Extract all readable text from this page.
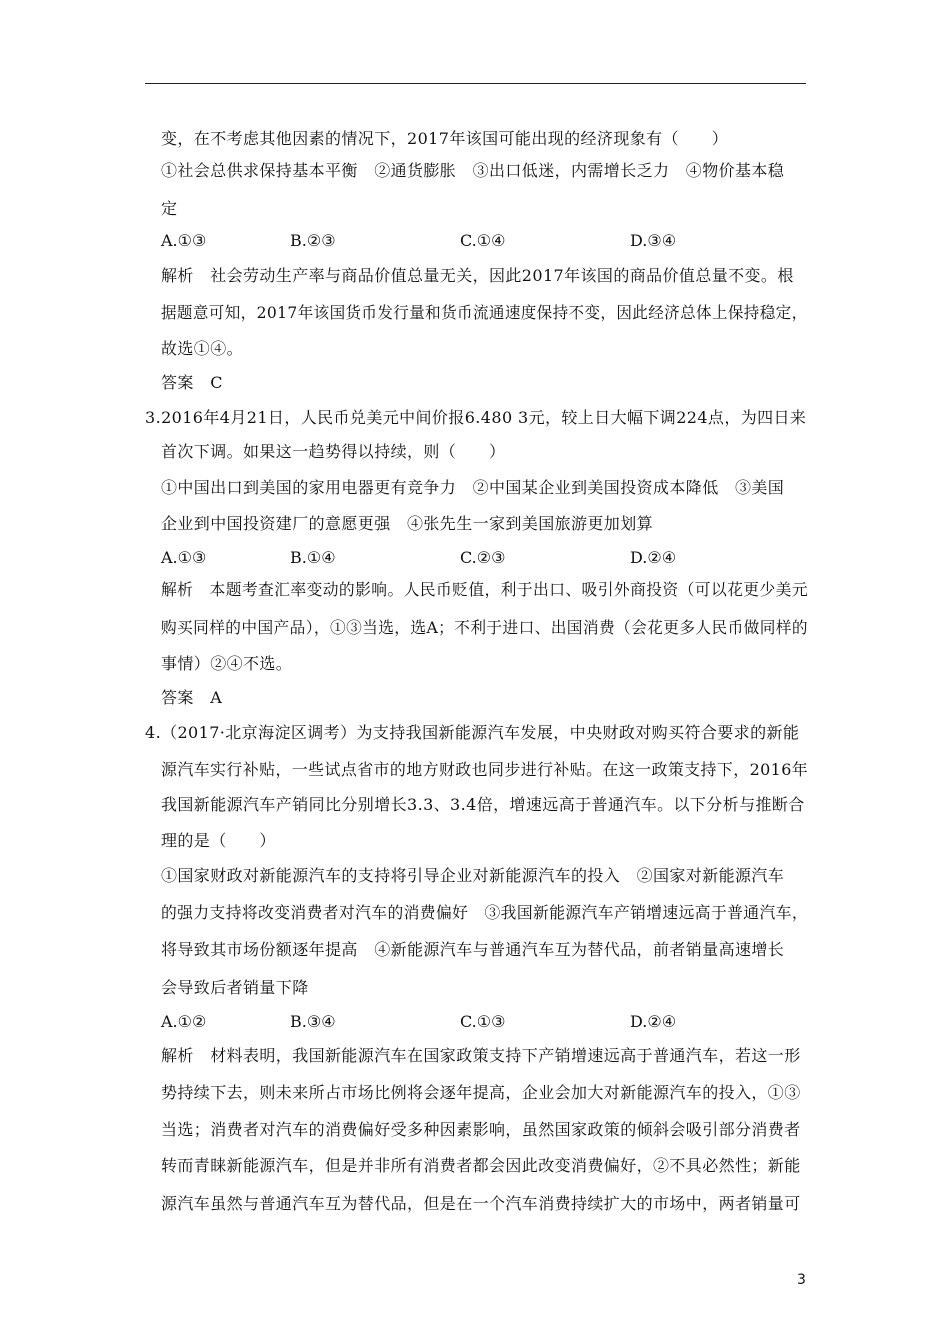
变，在不考虑其他因素的情况下，2017年该国可能出现的经济现象有（　　）
①社会总供求保持基本平衡　②通货膨胀　③出口低迷，内需增长乏力　④物价基本稳
定
A.①③	B.②③	C.①④	D.③④
解析　社会劳动生产率与商品价值总量无关，因此2017年该国的商品价值总量不变。根
据题意可知，2017年该国货币发行量和货币流通速度保持不变，因此经济总体上保持稳定，
故选①④。
答案　C
3.2016年4月21日，人民币兑美元中间价报6.480 3元，较上日大幅下调224点，为四日来
首次下调。如果这一趋势得以持续，则（　　）
①中国出口到美国的家用电器更有竞争力　②中国某企业到美国投资成本降低　③美国
企业到中国投资建厂的意愿更强　④张先生一家到美国旅游更加划算
A.①③	B.①④	C.②③	D.②④
解析　本题考查汇率变动的影响。人民币贬值，利于出口、吸引外商投资（可以花更少美元
购买同样的中国产品），①③当选，选A；不利于进口、出国消费（会花更多人民币做同样的
事情）②④不选。
答案　A
4.（2017·北京海淀区调考）为支持我国新能源汽车发展，中央财政对购买符合要求的新能
源汽车实行补贴，一些试点省市的地方财政也同步进行补贴。在这一政策支持下，2016年
我国新能源汽车产销同比分别增长3.3、3.4倍，增速远高于普通汽车。以下分析与推断合
理的是（　　）
①国家财政对新能源汽车的支持将引导企业对新能源汽车的投入　②国家对新能源汽车
的强力支持将改变消费者对汽车的消费偏好　③我国新能源汽车产销增速远高于普通汽车，
将导致其市场份额逐年提高　④新能源汽车与普通汽车互为替代品，前者销量高速增长
会导致后者销量下降
A.①②	B.③④	C.①③	D.②④
解析　材料表明，我国新能源汽车在国家政策支持下产销增速远高于普通汽车，若这一形
势持续下去，则未来所占市场比例将会逐年提高，企业会加大对新能源汽车的投入，①③
当选；消费者对汽车的消费偏好受多种因素影响，虽然国家政策的倾斜会吸引部分消费者
转而青睐新能源汽车，但是并非所有消费者都会因此改变消费偏好，②不具必然性；新能
源汽车虽然与普通汽车互为替代品，但是在一个汽车消费持续扩大的市场中，两者销量可
3
